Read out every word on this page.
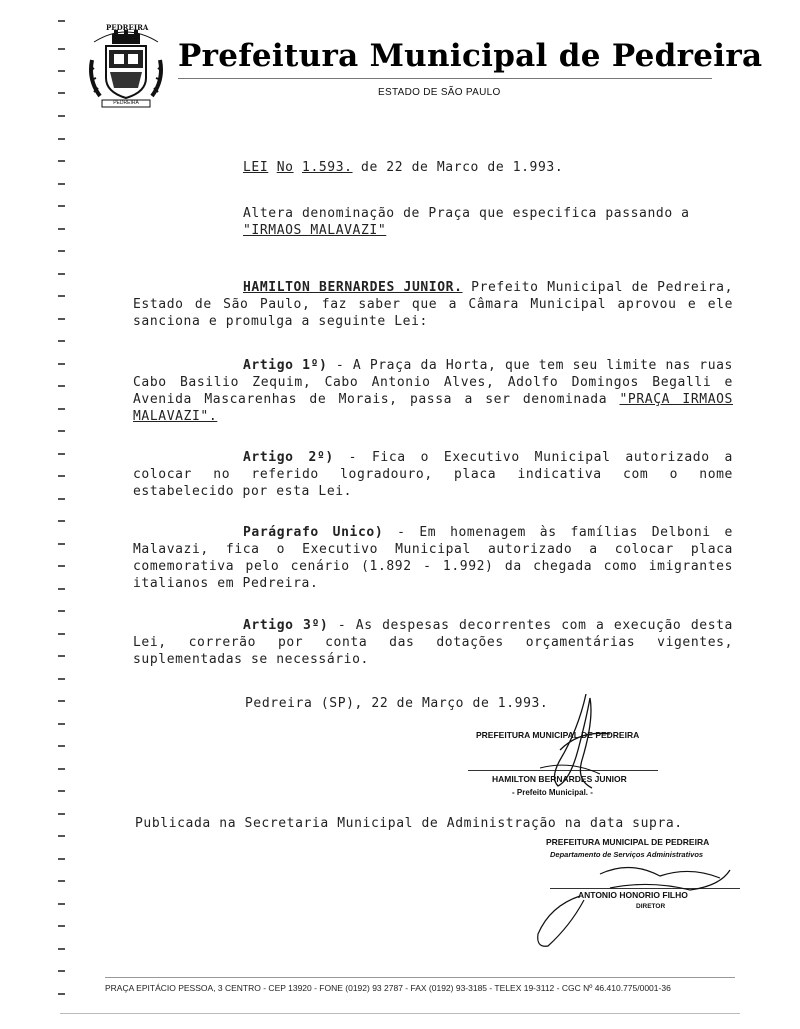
PEDREIRA
PEDREIRA
Prefeitura Municipal de Pedreira
ESTADO DE SÃO PAULO
LEI No 1.593. de 22 de Marco de 1.993.
Altera denominação de Praça que especifica passando a
"IRMAOS MALAVAZI"
HAMILTON BERNARDES JUNIOR. Prefeito Municipal de Pedreira, Estado de São Paulo, faz saber que a Câmara Municipal aprovou e ele sanciona e promulga a seguinte Lei:
Artigo 1º) - A Praça da Horta, que tem seu limite nas ruas Cabo Basilio Zequim, Cabo Antonio Alves, Adolfo Domingos Begalli e Avenida Mascarenhas de Morais, passa a ser denominada "PRAÇA IRMAOS MALAVAZI".
Artigo 2º) - Fica o Executivo Municipal autorizado a colocar no referido logradouro, placa indicativa com o nome estabelecido por esta Lei.
Parágrafo Unico) - Em homenagem às famílias Delboni e Malavazi, fica o Executivo Municipal autorizado a colocar placa comemorativa pelo cenário (1.892 - 1.992) da chegada como imigrantes italianos em Pedreira.
Artigo 3º) - As despesas decorrentes com a execução desta Lei, correrão por conta das dotações orçamentárias vigentes, suplementadas se necessário.
Pedreira (SP), 22 de Março de 1.993.
PREFEITURA MUNICIPAL DE PEDREIRA
HAMILTON BERNARDES JUNIOR
- Prefeito Municipal. -
Publicada na Secretaria Municipal de Administração na data supra.
PREFEITURA MUNICIPAL DE PEDREIRA
Departamento de Serviços Administrativos
ANTONIO HONORIO FILHO
DIRETOR
PRAÇA EPITÁCIO PESSOA, 3 CENTRO - CEP 13920 - FONE (0192) 93 2787 - FAX (0192) 93-3185 - TELEX 19-3112 - CGC Nº 46.410.775/0001-36
